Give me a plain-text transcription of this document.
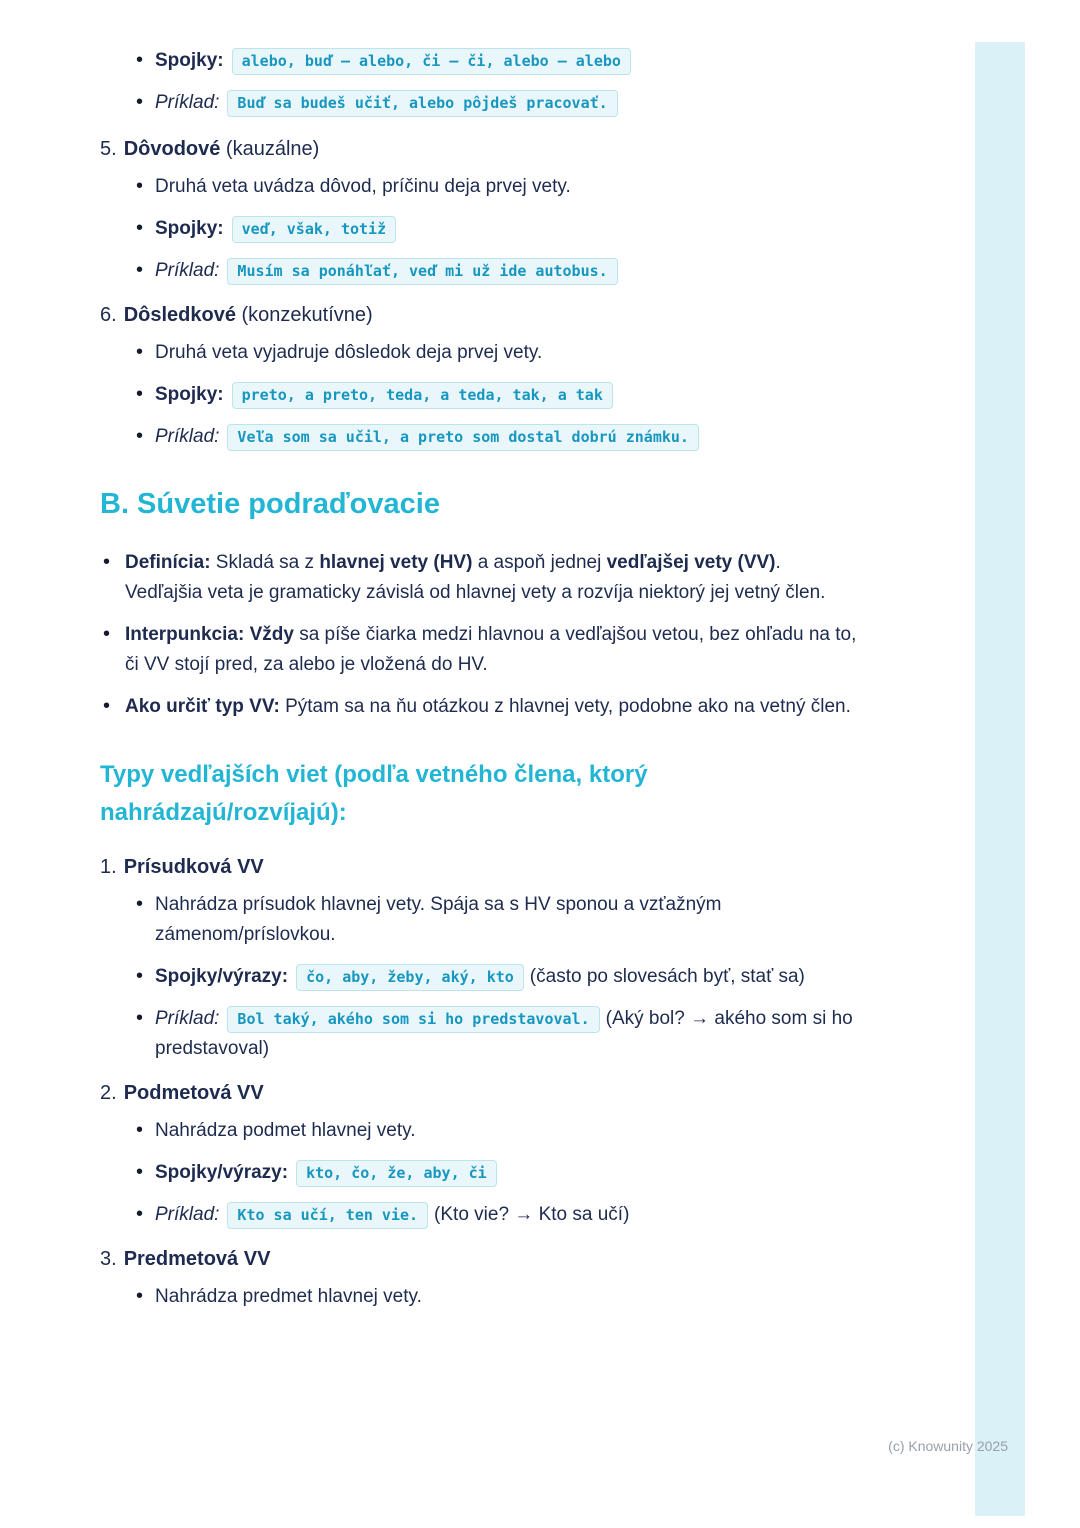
• Spojky: alebo, buď – alebo, či – či, alebo – alebo
• Príklad: Buď sa budeš učiť, alebo pôjdeš pracovať.
5. Dôvodové (kauzálne)
• Druhá veta uvádza dôvod, príčinu deja prvej vety.
• Spojky: veď, však, totiž
• Príklad: Musím sa ponáhľať, veď mi už ide autobus.
6. Dôsledkové (konzekutívne)
• Druhá veta vyjadruje dôsledok deja prvej vety.
• Spojky: preto, a preto, teda, a teda, tak, a tak
• Príklad: Veľa som sa učil, a preto som dostal dobrú známku.
B. Súvetie podraďovacie
• Definícia: Skladá sa z hlavnej vety (HV) a aspoň jednej vedľajšej vety (VV). Vedľajšia veta je gramaticky závislá od hlavnej vety a rozvíja niektorý jej vetný člen.
• Interpunkcia: Vždy sa píše čiarka medzi hlavnou a vedľajšou vetou, bez ohľadu na to, či VV stojí pred, za alebo je vložená do HV.
• Ako určiť typ VV: Pýtam sa na ňu otázkou z hlavnej vety, podobne ako na vetný člen.
Typy vedľajších viet (podľa vetného člena, ktorý nahrádzajú/rozvíjajú):
1. Prísudková VV
• Nahrádza prísudok hlavnej vety. Spája sa s HV sponou a vzťažným zámenom/príslovkou.
• Spojky/výrazy: čo, aby, žeby, aký, kto (často po slovesách byť, stať sa)
• Príklad: Bol taký, akého som si ho predstavoval. (Aký bol? → akého som si ho predstavoval)
2. Podmetová VV
• Nahrádza podmet hlavnej vety.
• Spojky/výrazy: kto, čo, že, aby, či
• Príklad: Kto sa učí, ten vie. (Kto vie? → Kto sa učí)
3. Predmetová VV
• Nahrádza predmet hlavnej vety.
(c) Knowunity 2025
